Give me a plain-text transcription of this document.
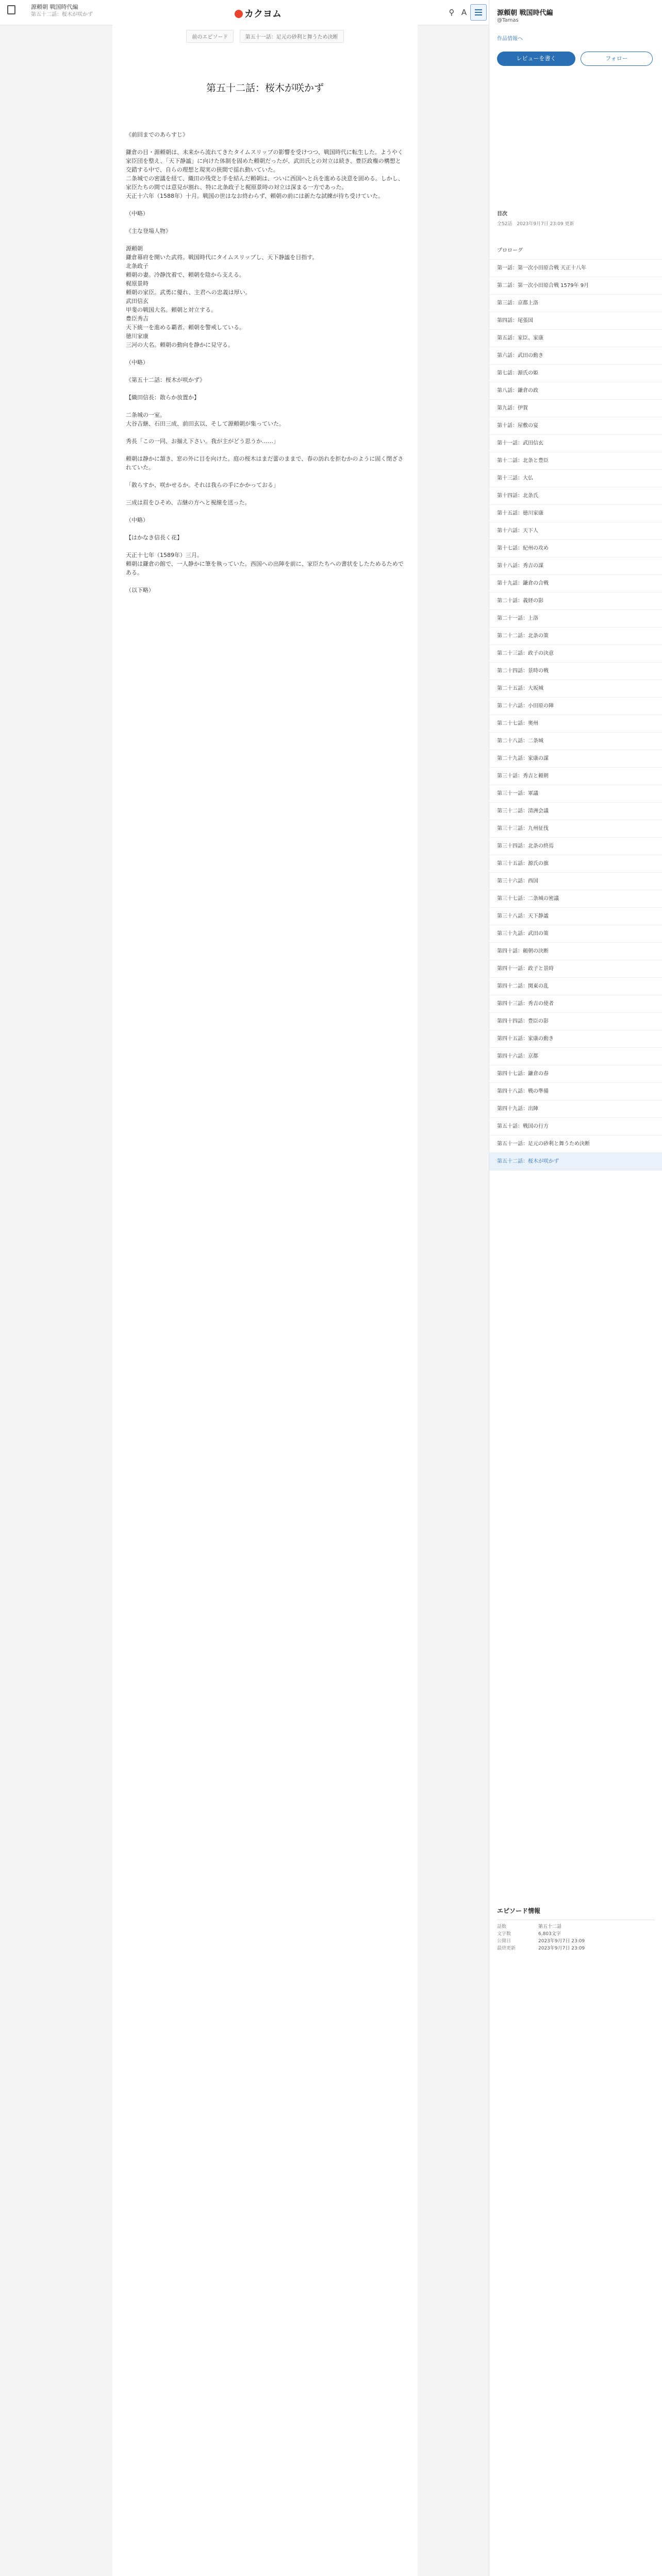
源頼朝 戦国時代編
第五十二話：桜木が咲かず	カクヨム	⚲ A
前のエピソード	第五十一話：足元の砂利と舞うため決断
第五十二話：桜木が咲かず
《前回までのあらすじ》

鎌倉の目・源頼朝は、未来から流れてきたタイムスリップの影響を受けつつ、戦国時代に転生した。ようやく家臣団を整え、「天下静謐」に向けた体制を固めた頼朝だったが、武田氏との対立は続き、豊臣政権の構想と交錯する中で、自らの理想と現実の狭間で揺れ動いていた。
二条城での密議を経て、織田の残党と手を結んだ頼朝は、ついに西国へと兵を進める決意を固める。しかし、家臣たちの間では意見が割れ、特に北条政子と梶原景時の対立は深まる一方であった。
天正十六年（1588年）十月。戦国の世はなお終わらず、頼朝の前には新たな試練が待ち受けていた。

（中略）

《主な登場人物》

源頼朝
鎌倉幕府を開いた武将。戦国時代にタイムスリップし、天下静謐を目指す。
北条政子
頼朝の妻。冷静沈着で、頼朝を陰から支える。
梶原景時
頼朝の家臣。武勇に優れ、主君への忠義は厚い。
武田信玄
甲斐の戦国大名。頼朝と対立する。
豊臣秀吉
天下統一を進める覇者。頼朝を警戒している。
徳川家康
三河の大名。頼朝の動向を静かに見守る。

（中略）

《第五十二話：桜木が咲かず》

【織田信長：散らか放置か】

二条城の一室。
大谷吉継、石田三成、前田玄以、そして源頼朝が集っていた。

秀長「この一同、お揃え下さい。我が主がどう思うか……」

頼朝は静かに頷き、窓の外に目を向けた。庭の桜木はまだ蕾のままで、春の訪れを拒むかのように固く閉ざされていた。

「散らすか、咲かせるか。それは我らの手にかかっておる」

三成は眉をひそめ、吉継の方へと視線を送った。

（中略）

【はかなき信長く花】

天正十七年（1589年）三月。
頼朝は鎌倉の館で、一人静かに筆を執っていた。西国への出陣を前に、家臣たちへの書状をしたためるためである。

（以下略）
源頼朝 戦国時代編
@Tamas
作品情報へ
レビューを書く	フォロー
目次
全52話　2023年9月7日 23:09 更新
プロローグ
第一話：第一次小田原合戦 天正十八年
第二話：第一次小田原合戦 1579年 9月
第三話：京都上洛
第四話：尾張国
第五話：家臣、家康
第六話：武田の動き
第七話：源氏の姫
第八話：鎌倉の政
第九話：伊賀
第十話：屋敷の宴
第十一話：武田信玄
第十二話：北条と豊臣
第十三話：大仏
第十四話：北条氏
第十五話：徳川家康
第十六話：天下人
第十七話：紀州の攻め
第十八話：秀吉の謀
第十九話：鎌倉の合戦
第二十話：義経の影
第二十一話：上洛
第二十二話：北条の策
第二十三話：政子の決意
第二十四話：景時の戦
第二十五話：大坂城
第二十六話：小田原の陣
第二十七話：奥州
第二十八話：二条城
第二十九話：家康の謀
第三十話：秀吉と頼朝
第三十一話：軍議
第三十二話：清洲会議
第三十三話：九州征伐
第三十四話：北条の終焉
第三十五話：源氏の旗
第三十六話：西国
第三十七話：二条城の密議
第三十八話：天下静謐
第三十九話：武田の策
第四十話：頼朝の決断
第四十一話：政子と景時
第四十二話：関東の乱
第四十三話：秀吉の使者
第四十四話：豊臣の影
第四十五話：家康の動き
第四十六話：京都
第四十七話：鎌倉の春
第四十八話：戦の準備
第四十九話：出陣
第五十話：戦国の行方
第五十一話：足元の砂利と舞うため決断
第五十二話：桜木が咲かず
エピソード情報
話数	第五十二話
文字数	6,803文字
公開日	2023年9月7日 23:09
最終更新	2023年9月7日 23:09
